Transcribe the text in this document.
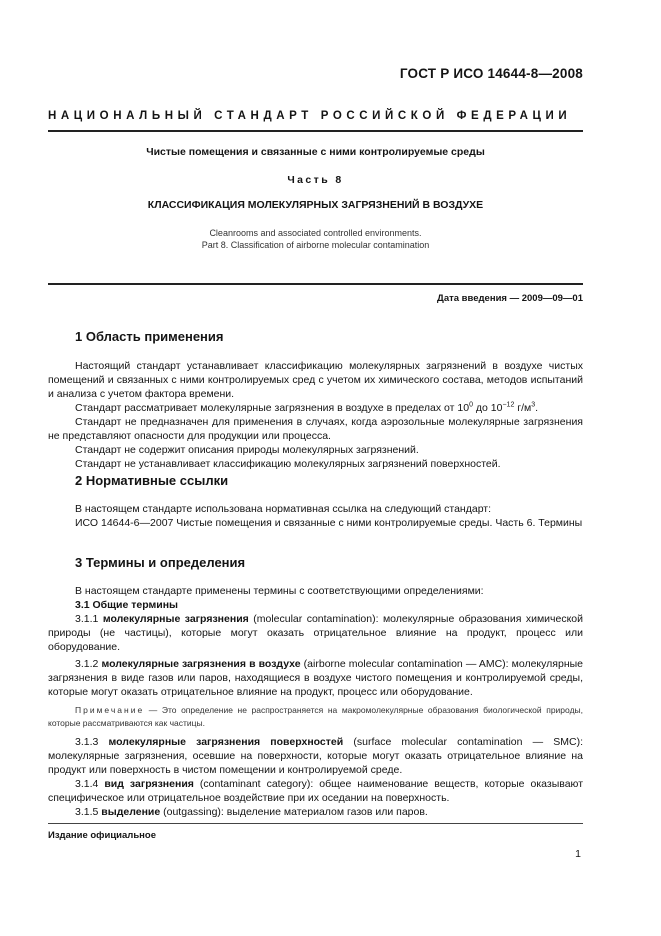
ГОСТ Р ИСО 14644-8—2008
НАЦИОНАЛЬНЫЙ СТАНДАРТ РОССИЙСКОЙ ФЕДЕРАЦИИ
Чистые помещения и связанные с ними контролируемые среды
Часть 8
КЛАССИФИКАЦИЯ МОЛЕКУЛЯРНЫХ ЗАГРЯЗНЕНИЙ В ВОЗДУХЕ
Cleanrooms and associated controlled environments.
Part 8. Classification of airborne molecular contamination
Дата введения — 2009—09—01
1 Область применения
Настоящий стандарт устанавливает классификацию молекулярных загрязнений в воздухе чистых помещений и связанных с ними контролируемых сред с учетом их химического состава, методов испытаний и анализа с учетом фактора времени.
Стандарт рассматривает молекулярные загрязнения в воздухе в пределах от $10^0$ до $10^{-12}$ $г/м^3$.
Стандарт не предназначен для применения в случаях, когда аэрозольные молекулярные загрязнения не представляют опасности для продукции или процесса.
Стандарт не содержит описания природы молекулярных загрязнений.
Стандарт не устанавливает классификацию молекулярных загрязнений поверхностей.
2 Нормативные ссылки
В настоящем стандарте использована нормативная ссылка на следующий стандарт:
ИСО 14644-6—2007 Чистые помещения и связанные с ними контролируемые среды. Часть 6. Термины
3 Термины и определения
В настоящем стандарте применены термины с соответствующими определениями:
3.1 Общие термины
3.1.1 молекулярные загрязнения (molecular contamination): молекулярные образования химической природы (не частицы), которые могут оказать отрицательное влияние на продукт, процесс или оборудование.
3.1.2 молекулярные загрязнения в воздухе (airborne molecular contamination — AMC): молекулярные загрязнения в виде газов или паров, находящиеся в воздухе чистого помещения и контролируемой среды, которые могут оказать отрицательное влияние на продукт, процесс или оборудование.
Примечание — Это определение не распространяется на макромолекулярные образования биологической природы, которые рассматриваются как частицы.
3.1.3 молекулярные загрязнения поверхностей (surface molecular contamination — SMC): молекулярные загрязнения, осевшие на поверхности, которые могут оказать отрицательное влияние на продукт или поверхность в чистом помещении и контролируемой среде.
3.1.4 вид загрязнения (contaminant category): общее наименование веществ, которые оказывают специфическое или отрицательное воздействие при их оседании на поверхность.
3.1.5 выделение (outgassing): выделение материалом газов или паров.
Издание официальное
1
